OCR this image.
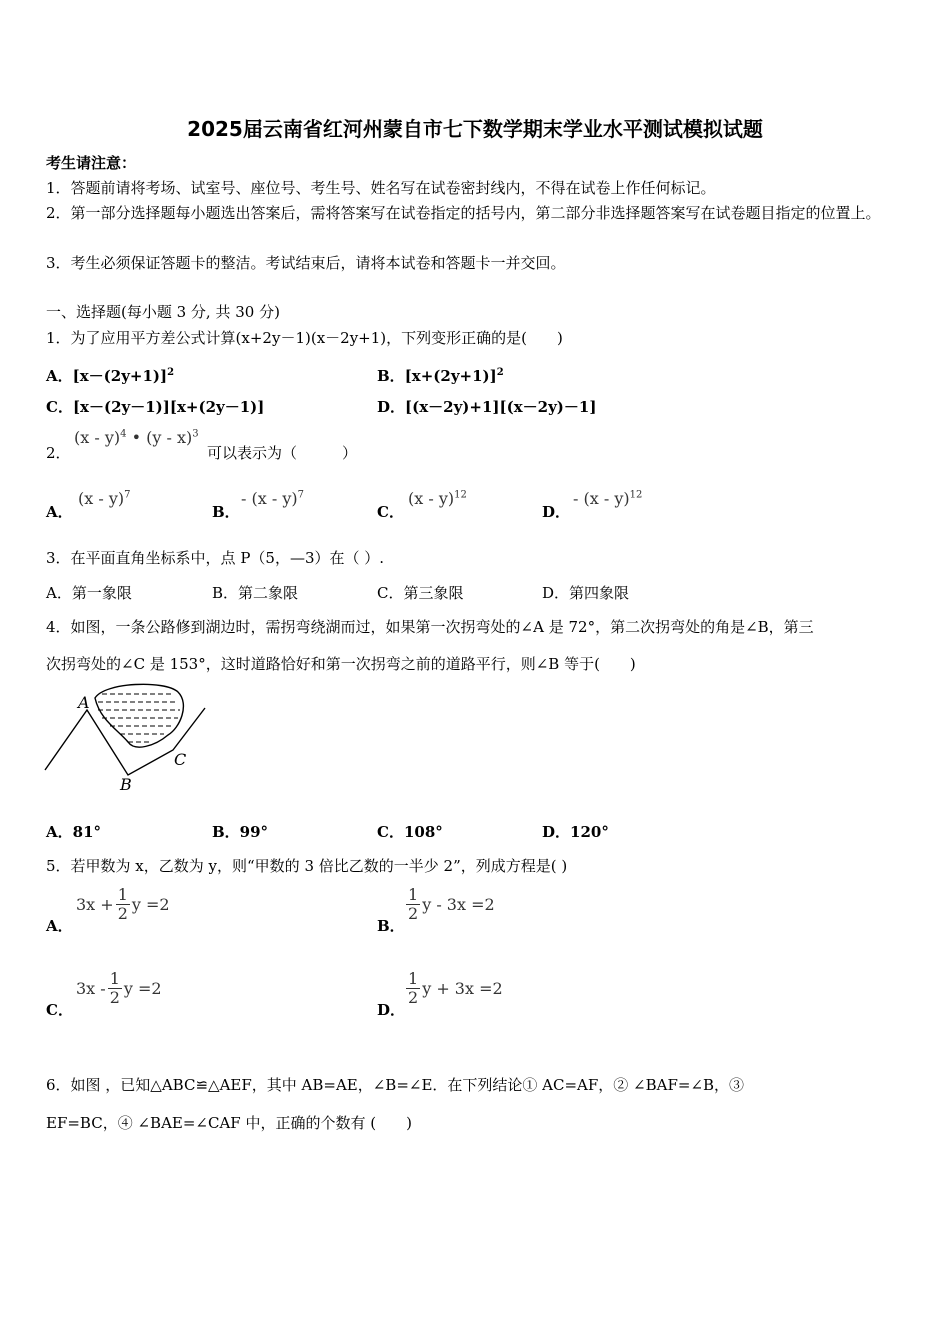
2025届云南省红河州蒙自市七下数学期末学业水平测试模拟试题
考生请注意：
1．答题前请将考场、试室号、座位号、考生号、姓名写在试卷密封线内，不得在试卷上作任何标记。
2．第一部分选择题每小题选出答案后，需将答案写在试卷指定的括号内，第二部分非选择题答案写在试卷题目指定的位置上。
3．考生必须保证答题卡的整洁。考试结束后，请将本试卷和答题卡一并交回。
一、选择题(每小题 3 分, 共 30 分)
1．为了应用平方差公式计算(x+2y－1)(x－2y+1)，下列变形正确的是(　　)
A．$[x-(2y+1)]^2$	B．$[x+(2y+1)]^2$
C．[x－(2y－1)][x+(2y－1)]	D．[(x－2y)+1][(x－2y)－1]
2．
(x - y)$^4$ • (y - x)$^3$
可以表示为（　　　）
A．
(x - y)$^7$
B．
- (x - y)$^7$
C．
(x - y)$^{12}$
D．
- (x - y)$^{12}$
3．在平面直角坐标系中，点 P（5，—3）在（ ）.
A．第一象限	B．第二象限	C．第三象限	D．第四象限
4．如图，一条公路修到湖边时，需拐弯绕湖而过，如果第一次拐弯处的∠A 是 72°，第二次拐弯处的角是∠B，第三
次拐弯处的∠C 是 153°，这时道路恰好和第一次拐弯之前的道路平行，则∠B 等于(　　)
A
B
C
A．81°	B．99°	C．108°	D．120°
5．若甲数为 x，乙数为 y，则“甲数的 3 倍比乙数的一半少 2”，列成方程是( )
A．
$3x + \frac{1}{2}$ y =2
B．
$\frac{1}{2}$ y - 3x =2
C．
$3x - \frac{1}{2}$ y =2
D．
$\frac{1}{2}$ y + 3x =2
6．如图 ，已知△ABC≌△AEF，其中 AB=AE，∠B=∠E．在下列结论① AC=AF，② ∠BAF=∠B，③
EF=BC，④ ∠BAE=∠CAF 中，正确的个数有 (　　)
